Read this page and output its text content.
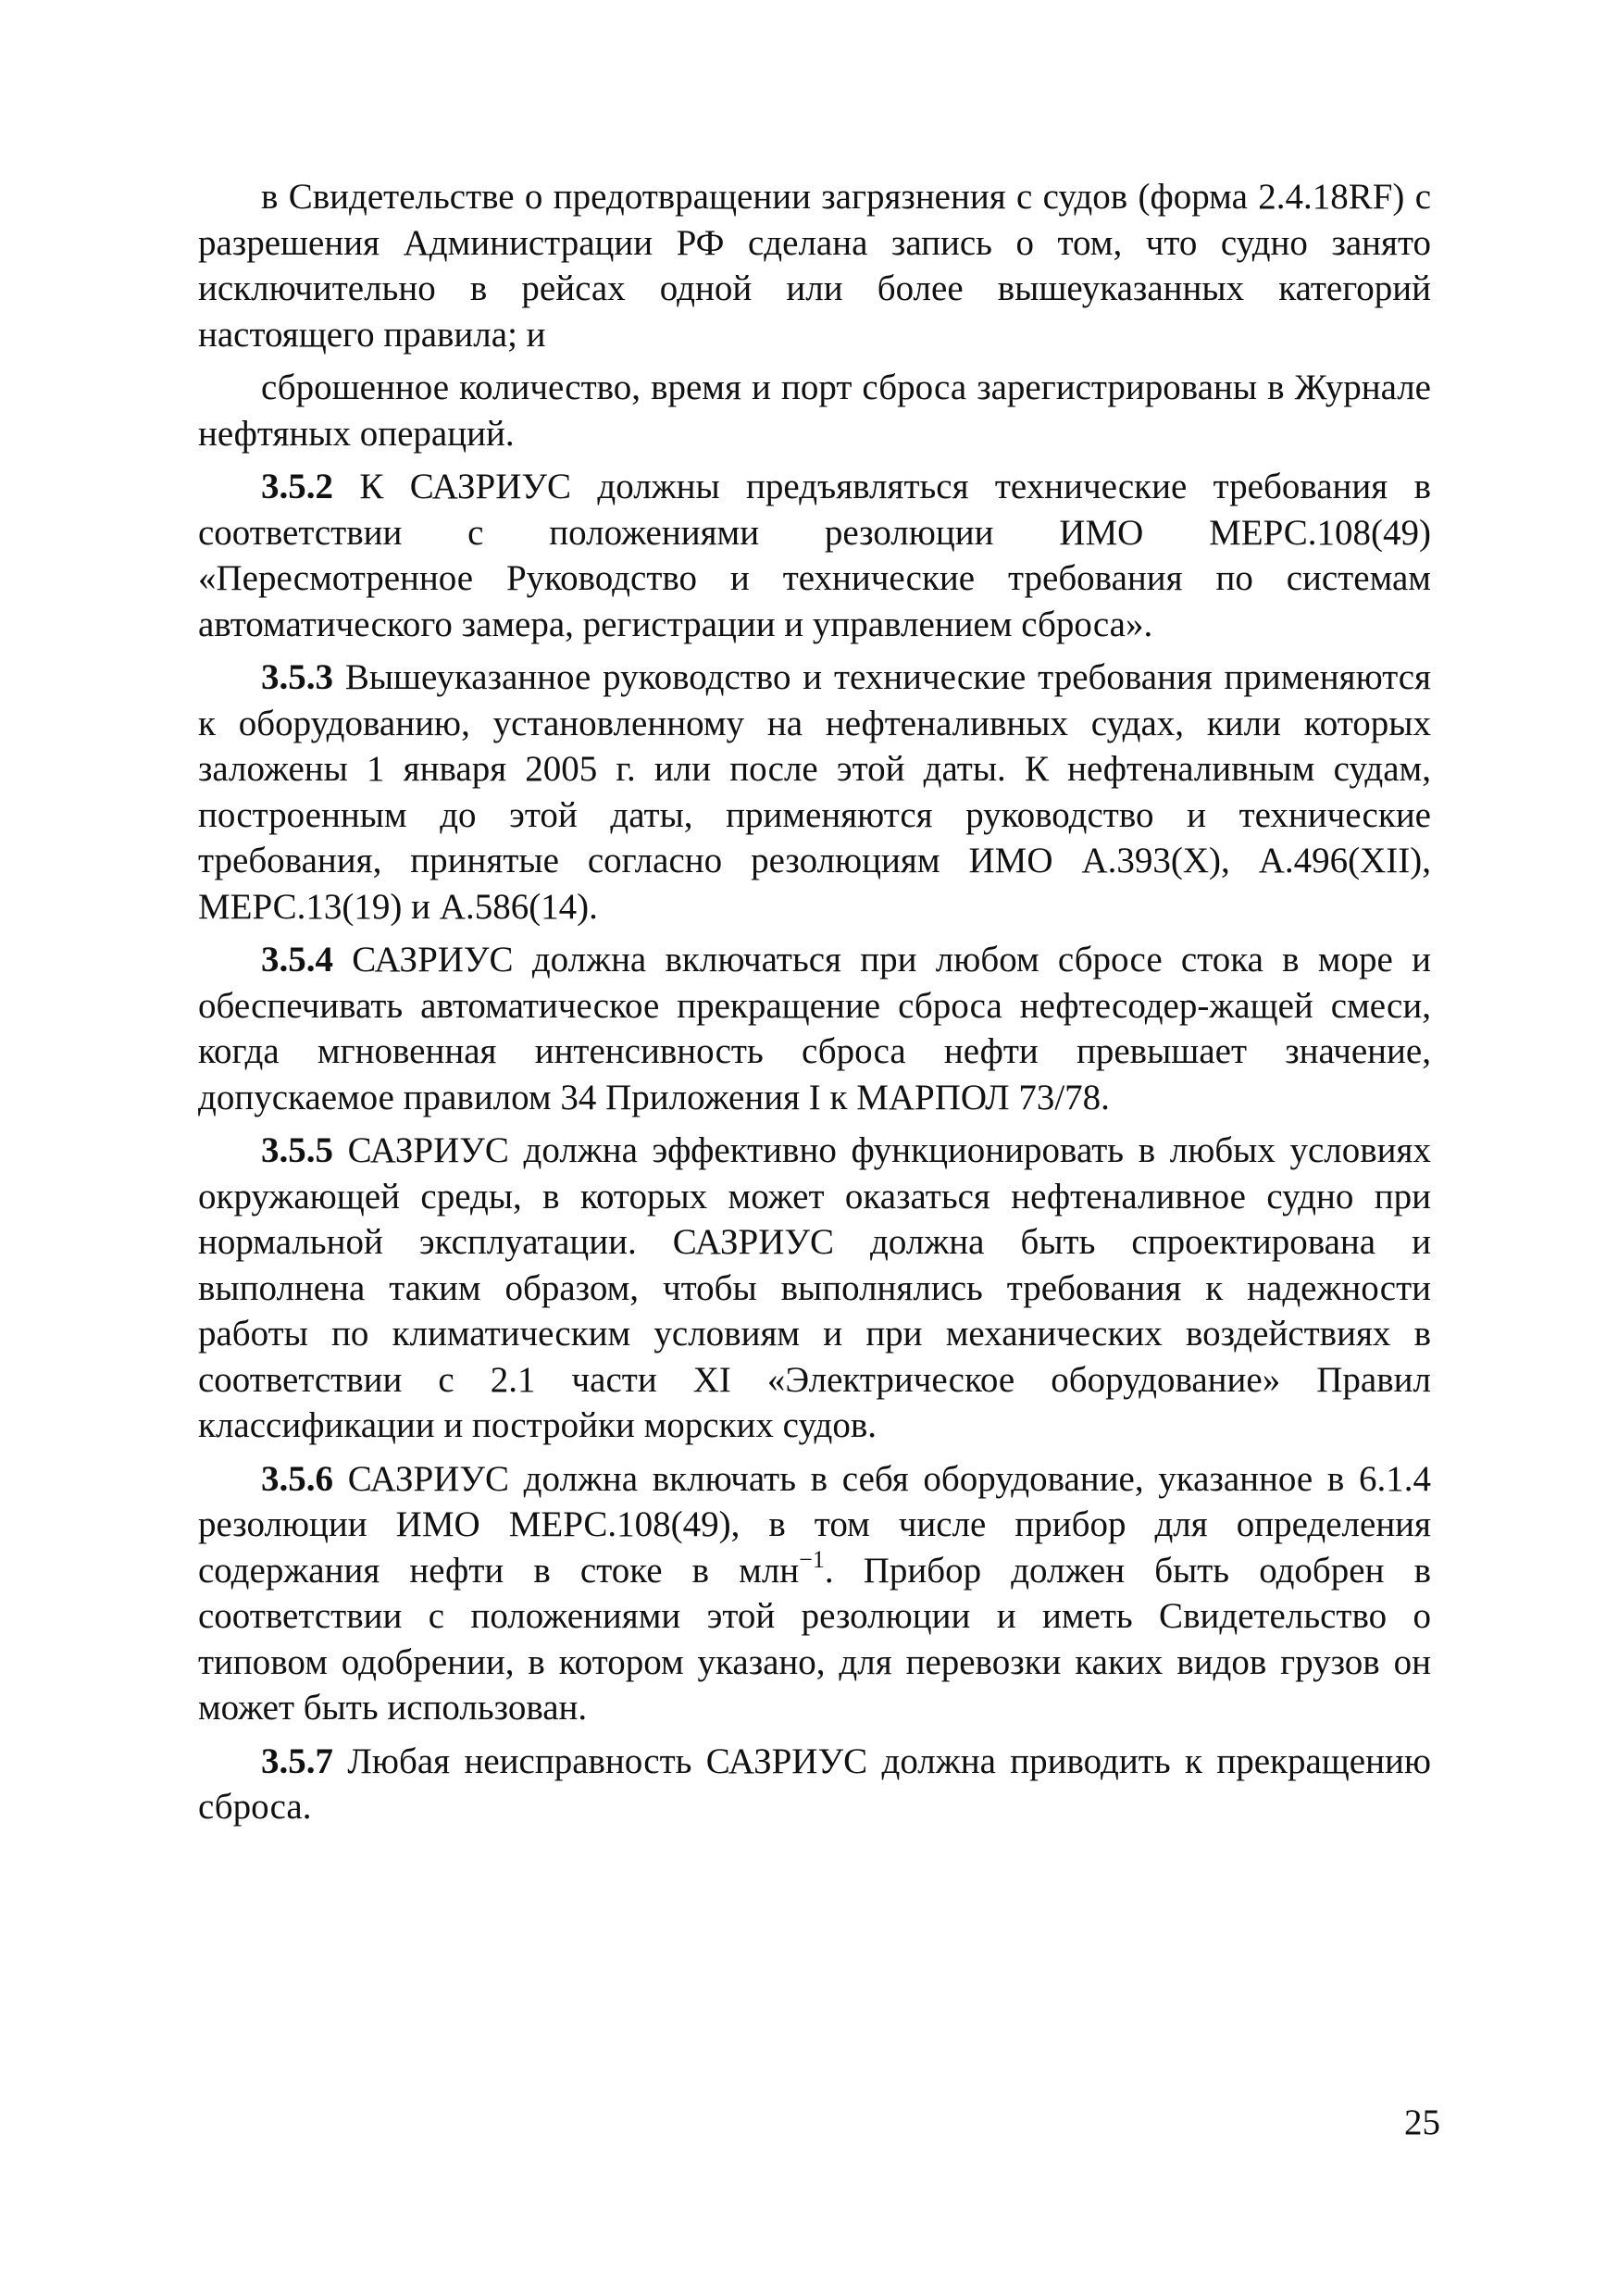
в Свидетельстве о предотвращении загрязнения с судов (форма 2.4.18RF) с разрешения Администрации РФ сделана запись о том, что судно занято исключительно в рейсах одной или более вышеуказанных категорий настоящего правила; и

сброшенное количество, время и порт сброса зарегистрированы в Журнале нефтяных операций.

3.5.2 К САЗРИУС должны предъявляться технические требования в соответствии с положениями резолюции ИМО МЕРС.108(49) «Пересмотренное Руководство и технические требования по системам автоматического замера, регистрации и управлением сброса».

3.5.3 Вышеуказанное руководство и технические требования применяются к оборудованию, установленному на нефтеналивных судах, кили которых заложены 1 января 2005 г. или после этой даты. К нефтеналивным судам, построенным до этой даты, применяются руководство и технические требования, принятые согласно резолюциям ИМО А.393(X), А.496(XII), МЕРС.13(19) и А.586(14).

3.5.4 САЗРИУС должна включаться при любом сбросе стока в море и обеспечивать автоматическое прекращение сброса нефтесодер-жащей смеси, когда мгновенная интенсивность сброса нефти превышает значение, допускаемое правилом 34 Приложения I к МАРПОЛ 73/78.

3.5.5 САЗРИУС должна эффективно функционировать в любых условиях окружающей среды, в которых может оказаться нефтеналивное судно при нормальной эксплуатации. САЗРИУС должна быть спроектирована и выполнена таким образом, чтобы выполнялись требования к надежности работы по климатическим условиям и при механических воздействиях в соответствии с 2.1 части XI «Электрическое оборудование» Правил классификации и постройки морских судов.

3.5.6 САЗРИУС должна включать в себя оборудование, указанное в 6.1.4 резолюции ИМО МЕРС.108(49), в том числе прибор для определения содержания нефти в стоке в млн$^{-1}$. Прибор должен быть одобрен в соответствии с положениями этой резолюции и иметь Свидетельство о типовом одобрении, в котором указано, для перевозки каких видов грузов он может быть использован.

3.5.7 Любая неисправность САЗРИУС должна приводить к прекращению сброса.

25
